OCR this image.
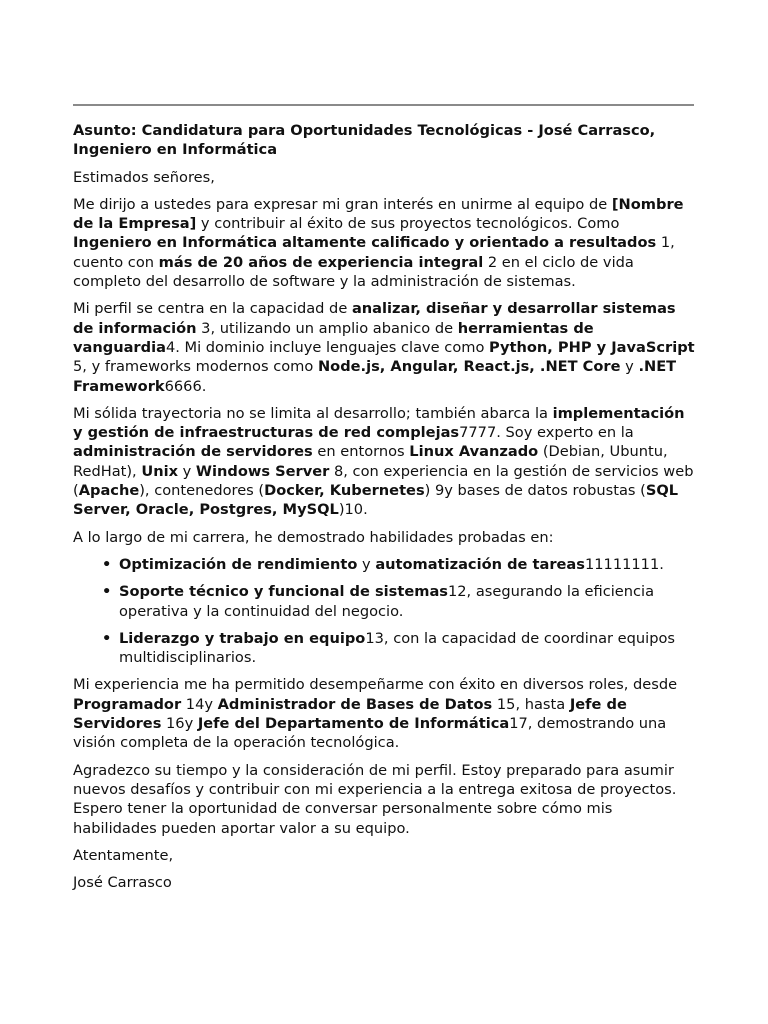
Asunto: Candidatura para Oportunidades Tecnológicas - José Carrasco, Ingeniero en Informática

Estimados señores,

Me dirijo a ustedes para expresar mi gran interés en unirme al equipo de [Nombre de la Empresa] y contribuir al éxito de sus proyectos tecnológicos. Como Ingeniero en Informática altamente calificado y orientado a resultados 1, cuento con más de 20 años de experiencia integral 2 en el ciclo de vida completo del desarrollo de software y la administración de sistemas.

Mi perfil se centra en la capacidad de analizar, diseñar y desarrollar sistemas de información 3, utilizando un amplio abanico de herramientas de vanguardia4. Mi dominio incluye lenguajes clave como Python, PHP y JavaScript 5, y frameworks modernos como Node.js, Angular, React.js, .NET Core y .NET Framework6666.

Mi sólida trayectoria no se limita al desarrollo; también abarca la implementación y gestión de infraestructuras de red complejas7777. Soy experto en la administración de servidores en entornos Linux Avanzado (Debian, Ubuntu, RedHat), Unix y Windows Server 8, con experiencia en la gestión de servicios web (Apache), contenedores (Docker, Kubernetes) 9y bases de datos robustas (SQL Server, Oracle, Postgres, MySQL)10.

A lo largo de mi carrera, he demostrado habilidades probadas en:

• Optimización de rendimiento y automatización de tareas11111111.
• Soporte técnico y funcional de sistemas12, asegurando la eficiencia operativa y la continuidad del negocio.
• Liderazgo y trabajo en equipo13, con la capacidad de coordinar equipos multidisciplinarios.

Mi experiencia me ha permitido desempeñarme con éxito en diversos roles, desde Programador 14y Administrador de Bases de Datos 15, hasta Jefe de Servidores 16y Jefe del Departamento de Informática17, demostrando una visión completa de la operación tecnológica.

Agradezco su tiempo y la consideración de mi perfil. Estoy preparado para asumir nuevos desafíos y contribuir con mi experiencia a la entrega exitosa de proyectos. Espero tener la oportunidad de conversar personalmente sobre cómo mis habilidades pueden aportar valor a su equipo.

Atentamente,

José Carrasco
